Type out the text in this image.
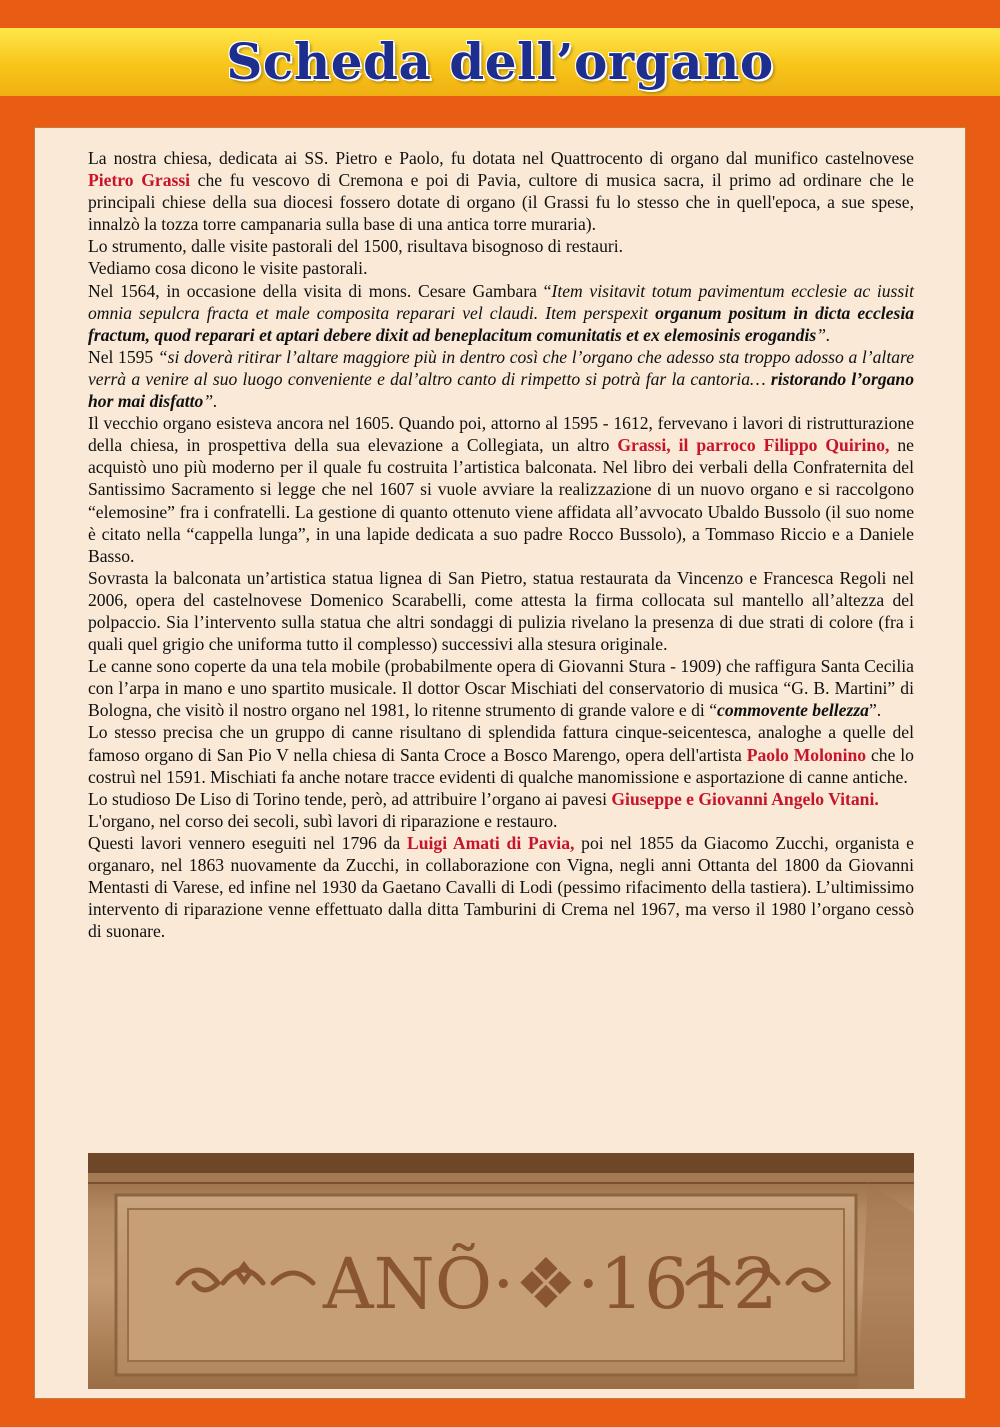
Scheda dell’organo

La nostra chiesa, dedicata ai SS. Pietro e Paolo, fu dotata nel Quattrocento di organo dal munifico castelnovese Pietro Grassi che fu vescovo di Cremona e poi di Pavia, cultore di musica sacra, il primo ad ordinare che le principali chiese della sua diocesi fossero dotate di organo (il Grassi fu lo stesso che in quell'epoca, a sue spese, innalzò la tozza torre campanaria sulla base di una antica torre muraria).

Lo strumento, dalle visite pastorali del 1500, risultava bisognoso di restauri.

Vediamo cosa dicono le visite pastorali.

Nel 1564, in occasione della visita di mons. Cesare Gambara “Item visitavit totum pavimentum ecclesie ac iussit omnia sepulcra fracta et male composita reparari vel claudi. Item perspexit organum positum in dicta ecclesia fractum, quod reparari et aptari debere dixit ad beneplacitum comunitatis et ex elemosinis erogandis”.

Nel 1595 “si doverà ritirar l’altare maggiore più in dentro così che l’organo che adesso sta troppo adosso a l’altare verrà a venire al suo luogo conveniente e dal’altro canto di rimpetto si potrà far la cantoria… ristorando l’organo hor mai disfatto”.

Il vecchio organo esisteva ancora nel 1605. Quando poi, attorno al 1595 - 1612, fervevano i lavori di ristrutturazione della chiesa, in prospettiva della sua elevazione a Collegiata, un altro Grassi, il parroco Filippo Quirino, ne acquistò uno più moderno per il quale fu costruita l’artistica balconata. Nel libro dei verbali della Confraternita del Santissimo Sacramento si legge che nel 1607 si vuole avviare la realizzazione di un nuovo organo e si raccolgono “elemosine” fra i confratelli. La gestione di quanto ottenuto viene affidata all’avvocato Ubaldo Bussolo (il suo nome è citato nella “cappella lunga”, in una lapide dedicata a suo padre Rocco Bussolo), a Tommaso Riccio e a Daniele Basso.

Sovrasta la balconata un’artistica statua lignea di San Pietro, statua restaurata da Vincenzo e Francesca Regoli nel 2006, opera del castelnovese Domenico Scarabelli, come attesta la firma collocata sul mantello all’altezza del polpaccio. Sia l’intervento sulla statua che altri sondaggi di pulizia rivelano la presenza di due strati di colore (fra i quali quel grigio che uniforma tutto il complesso) successivi alla stesura originale.

Le canne sono coperte da una tela mobile (probabilmente opera di Giovanni Stura - 1909) che raffigura Santa Cecilia con l’arpa in mano e uno spartito musicale. Il dottor Oscar Mischiati del conservatorio di musica “G. B. Martini” di Bologna, che visitò il nostro organo nel 1981, lo ritenne strumento di grande valore e di “commovente bellezza”.

Lo stesso precisa che un gruppo di canne risultano di splendida fattura cinque-seicentesca, analoghe a quelle del famoso organo di San Pio V nella chiesa di Santa Croce a Bosco Marengo, opera dell'artista Paolo Molonino che lo costruì nel 1591. Mischiati fa anche notare tracce evidenti di qualche manomissione e asportazione di canne antiche.

Lo studioso De Liso di Torino tende, però, ad attribuire l’organo ai pavesi Giuseppe e Giovanni Angelo Vitani.

L'organo, nel corso dei secoli, subì lavori di riparazione e restauro.

Questi lavori vennero eseguiti nel 1796 da Luigi Amati di Pavia, poi nel 1855 da Giacomo Zucchi, organista e organaro, nel 1863 nuovamente da Zucchi, in collaborazione con Vigna, negli anni Ottanta del 1800 da Giovanni Mentasti di Varese, ed infine nel 1930 da Gaetano Cavalli di Lodi (pessimo rifacimento della tastiera). L’ultimissimo intervento di riparazione venne effettuato dalla ditta Tamburini di Crema nel 1967, ma verso il 1980 l’organo cessò di suonare.

ANÕ·❖·1612
